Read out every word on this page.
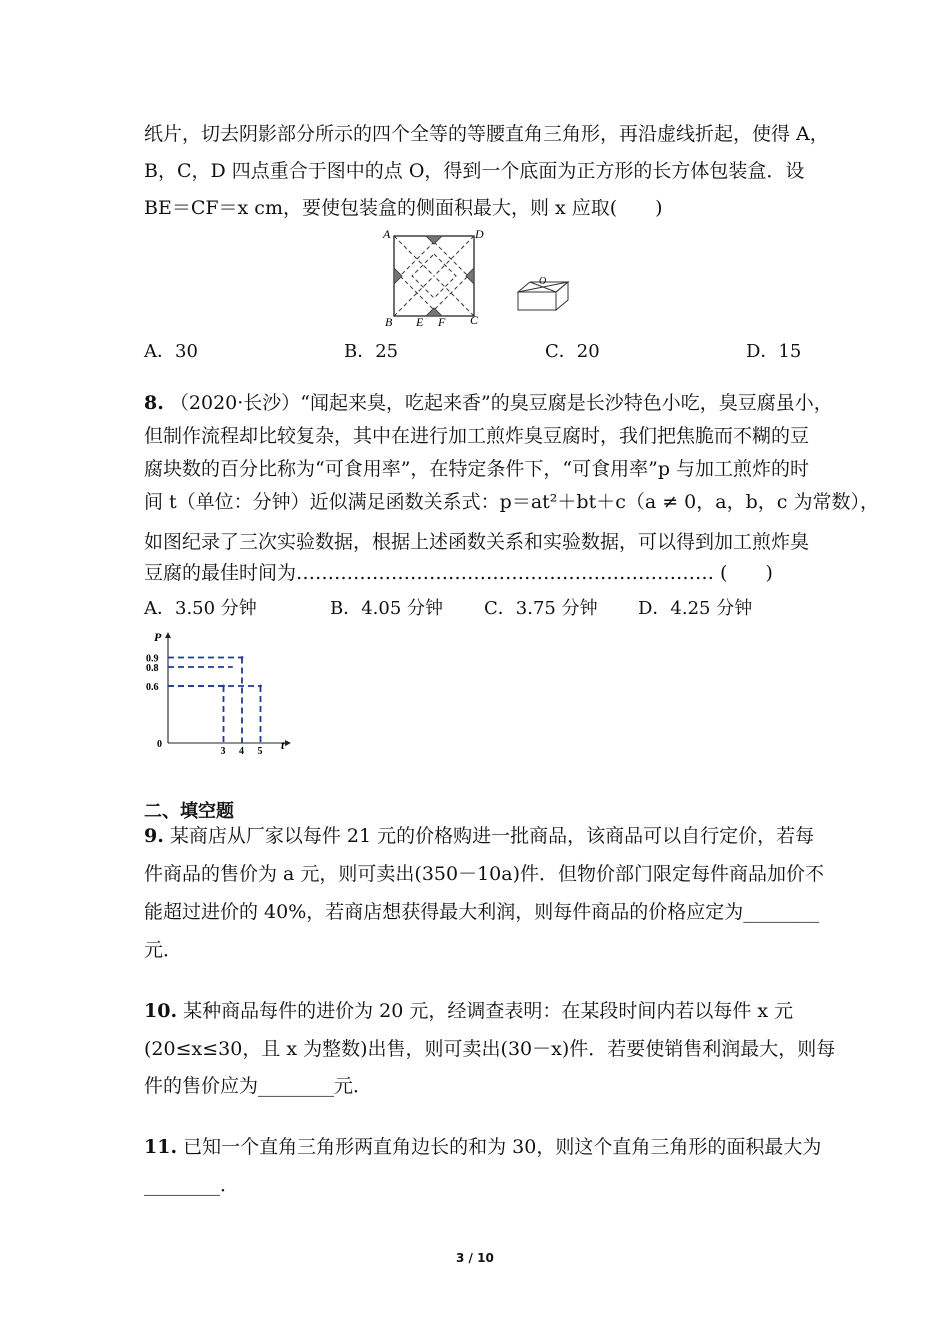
纸片，切去阴影部分所示的四个全等的等腰直角三角形，再沿虚线折起，使得 A，
B，C，D 四点重合于图中的点 O，得到一个底面为正方形的长方体包装盒．设
BE＝CF＝x cm，要使包装盒的侧面积最大，则 x 应取(　　)
A	D
B E F C
O
A．30	B．25	C．20	D．15
8. （2020·长沙）“闻起来臭，吃起来香”的臭豆腐是长沙特色小吃，臭豆腐虽小，
但制作流程却比较复杂，其中在进行加工煎炸臭豆腐时，我们把焦脆而不糊的豆
腐块数的百分比称为“可食用率”，在特定条件下，“可食用率”p 与加工煎炸的时
间 t（单位：分钟）近似满足函数关系式：p＝at²＋bt＋c（a ≠ 0，a，b，c 为常数），
如图纪录了三次实验数据，根据上述函数关系和实验数据，可以得到加工煎炸臭
豆腐的最佳时间为………………………………………………………… (　　)
A．3.50 分钟	B．4.05 分钟 C．3.75 分钟 D．4.25 分钟
P
t
0
3 4 5
0.9
0.8
0.6
二、填空题
9. 某商店从厂家以每件 21 元的价格购进一批商品，该商品可以自行定价，若每
件商品的售价为 a 元，则可卖出(350－10a)件．但物价部门限定每件商品加价不
能超过进价的 40%，若商店想获得最大利润，则每件商品的价格应定为________
元．
10. 某种商品每件的进价为 20 元，经调查表明：在某段时间内若以每件 x 元
(20≤x≤30，且 x 为整数)出售，则可卖出(30－x)件．若要使销售利润最大，则每
件的售价应为________元．
11. 已知一个直角三角形两直角边长的和为 30，则这个直角三角形的面积最大为
________．
3 / 10
